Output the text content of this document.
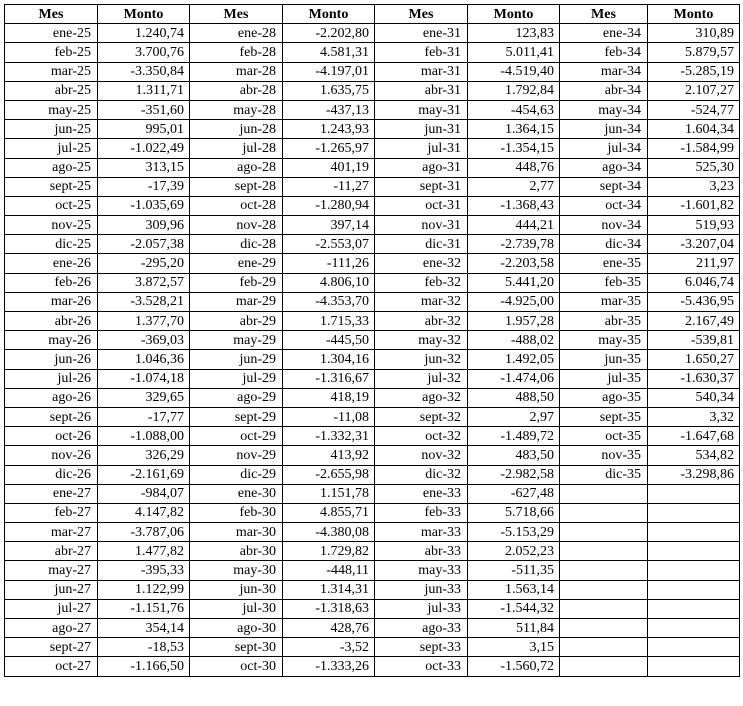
Mes	Monto	Mes	Monto	Mes	Monto	Mes	Monto
ene-25	1.240,74	ene-28	-2.202,80	ene-31	123,83	ene-34	310,89
feb-25	3.700,76	feb-28	4.581,31	feb-31	5.011,41	feb-34	5.879,57
mar-25	-3.350,84	mar-28	-4.197,01	mar-31	-4.519,40	mar-34	-5.285,19
abr-25	1.311,71	abr-28	1.635,75	abr-31	1.792,84	abr-34	2.107,27
may-25	-351,60	may-28	-437,13	may-31	-454,63	may-34	-524,77
jun-25	995,01	jun-28	1.243,93	jun-31	1.364,15	jun-34	1.604,34
jul-25	-1.022,49	jul-28	-1.265,97	jul-31	-1.354,15	jul-34	-1.584,99
ago-25	313,15	ago-28	401,19	ago-31	448,76	ago-34	525,30
sept-25	-17,39	sept-28	-11,27	sept-31	2,77	sept-34	3,23
oct-25	-1.035,69	oct-28	-1.280,94	oct-31	-1.368,43	oct-34	-1.601,82
nov-25	309,96	nov-28	397,14	nov-31	444,21	nov-34	519,93
dic-25	-2.057,38	dic-28	-2.553,07	dic-31	-2.739,78	dic-34	-3.207,04
ene-26	-295,20	ene-29	-111,26	ene-32	-2.203,58	ene-35	211,97
feb-26	3.872,57	feb-29	4.806,10	feb-32	5.441,20	feb-35	6.046,74
mar-26	-3.528,21	mar-29	-4.353,70	mar-32	-4.925,00	mar-35	-5.436,95
abr-26	1.377,70	abr-29	1.715,33	abr-32	1.957,28	abr-35	2.167,49
may-26	-369,03	may-29	-445,50	may-32	-488,02	may-35	-539,81
jun-26	1.046,36	jun-29	1.304,16	jun-32	1.492,05	jun-35	1.650,27
jul-26	-1.074,18	jul-29	-1.316,67	jul-32	-1.474,06	jul-35	-1.630,37
ago-26	329,65	ago-29	418,19	ago-32	488,50	ago-35	540,34
sept-26	-17,77	sept-29	-11,08	sept-32	2,97	sept-35	3,32
oct-26	-1.088,00	oct-29	-1.332,31	oct-32	-1.489,72	oct-35	-1.647,68
nov-26	326,29	nov-29	413,92	nov-32	483,50	nov-35	534,82
dic-26	-2.161,69	dic-29	-2.655,98	dic-32	-2.982,58	dic-35	-3.298,86
ene-27	-984,07	ene-30	1.151,78	ene-33	-627,48		
feb-27	4.147,82	feb-30	4.855,71	feb-33	5.718,66		
mar-27	-3.787,06	mar-30	-4.380,08	mar-33	-5.153,29		
abr-27	1.477,82	abr-30	1.729,82	abr-33	2.052,23		
may-27	-395,33	may-30	-448,11	may-33	-511,35		
jun-27	1.122,99	jun-30	1.314,31	jun-33	1.563,14		
jul-27	-1.151,76	jul-30	-1.318,63	jul-33	-1.544,32		
ago-27	354,14	ago-30	428,76	ago-33	511,84		
sept-27	-18,53	sept-30	-3,52	sept-33	3,15		
oct-27	-1.166,50	oct-30	-1.333,26	oct-33	-1.560,72		
